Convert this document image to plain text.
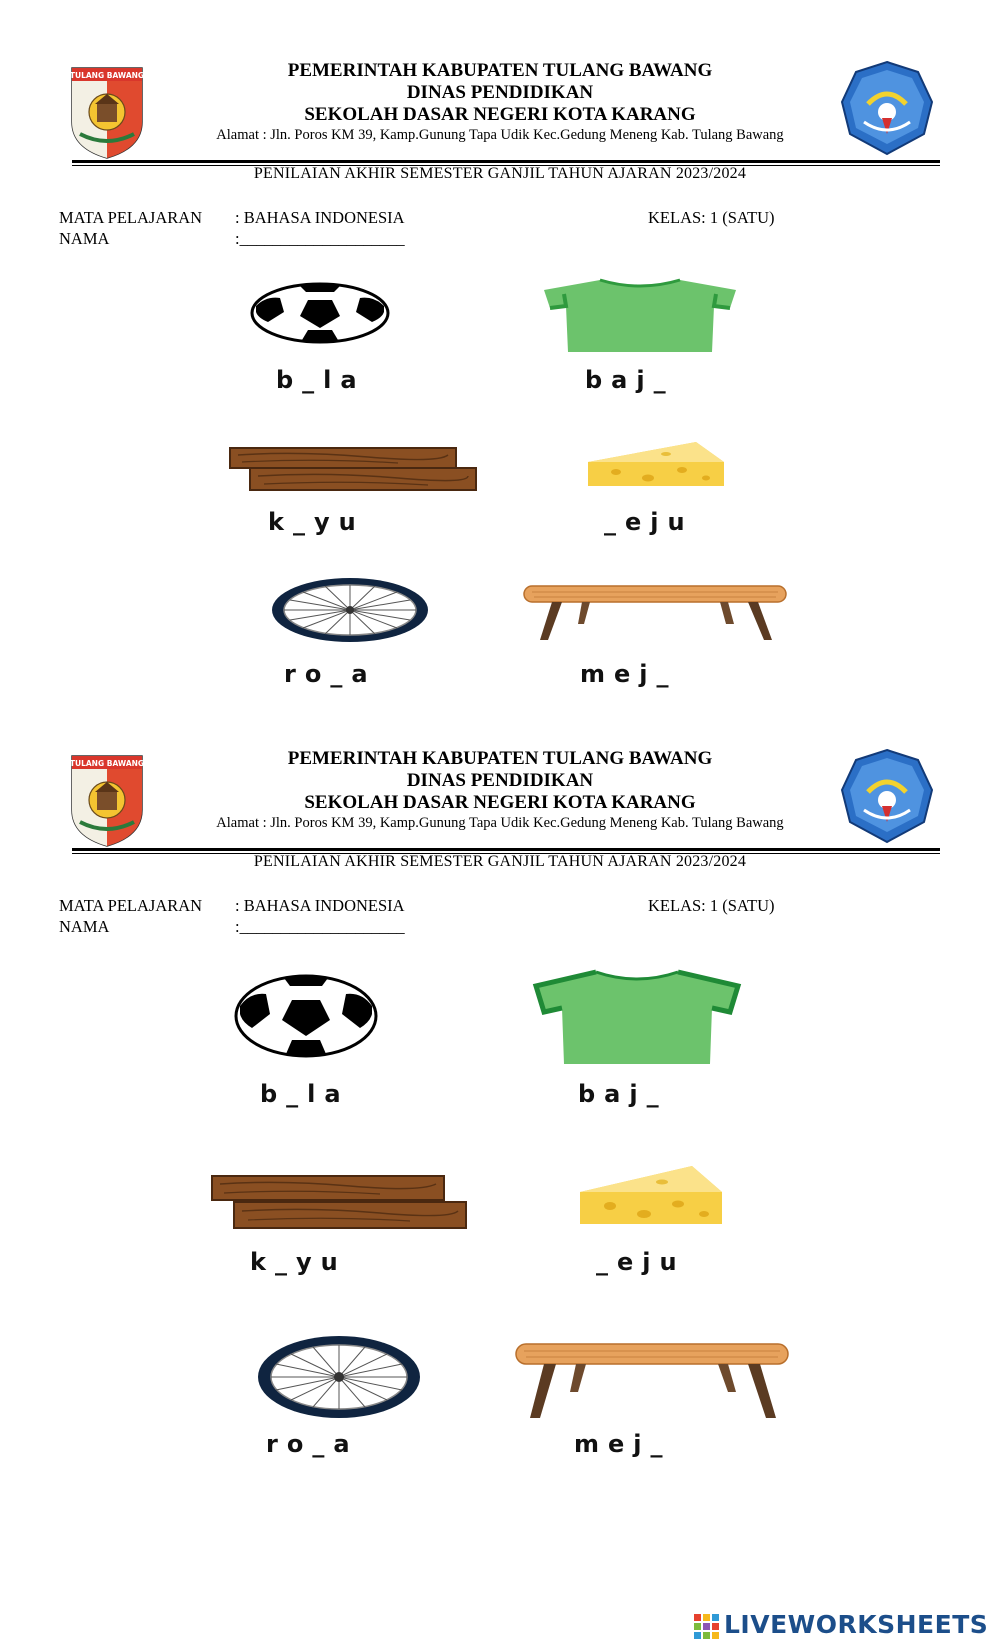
TULANG BAWANG	PEMERINTAH KABUPATEN TULANG BAWANG
DINAS PENDIDIKAN
SEKOLAH DASAR NEGERI KOTA KARANG
Alamat : Jln. Poros KM 39, Kamp.Gunung Tapa Udik Kec.Gedung Meneng Kab. Tulang Bawang
PENILAIAN AKHIR SEMESTER GANJIL TAHUN AJARAN 2023/2024
MATA PELAJARAN : BAHASA INDONESIA	KELAS: 1 (SATU)
NAMA	:____________________
b_la	baj_
k_yu	_eju
ro_a	mej_
TULANG BAWANG	PEMERINTAH KABUPATEN TULANG BAWANG
DINAS PENDIDIKAN
SEKOLAH DASAR NEGERI KOTA KARANG
Alamat : Jln. Poros KM 39, Kamp.Gunung Tapa Udik Kec.Gedung Meneng Kab. Tulang Bawang
PENILAIAN AKHIR SEMESTER GANJIL TAHUN AJARAN 2023/2024
MATA PELAJARAN : BAHASA INDONESIA	KELAS: 1 (SATU)
NAMA	:____________________
b_la	baj_
k_yu	_eju
ro_a	mej_
LIVEWORKSHEETS
